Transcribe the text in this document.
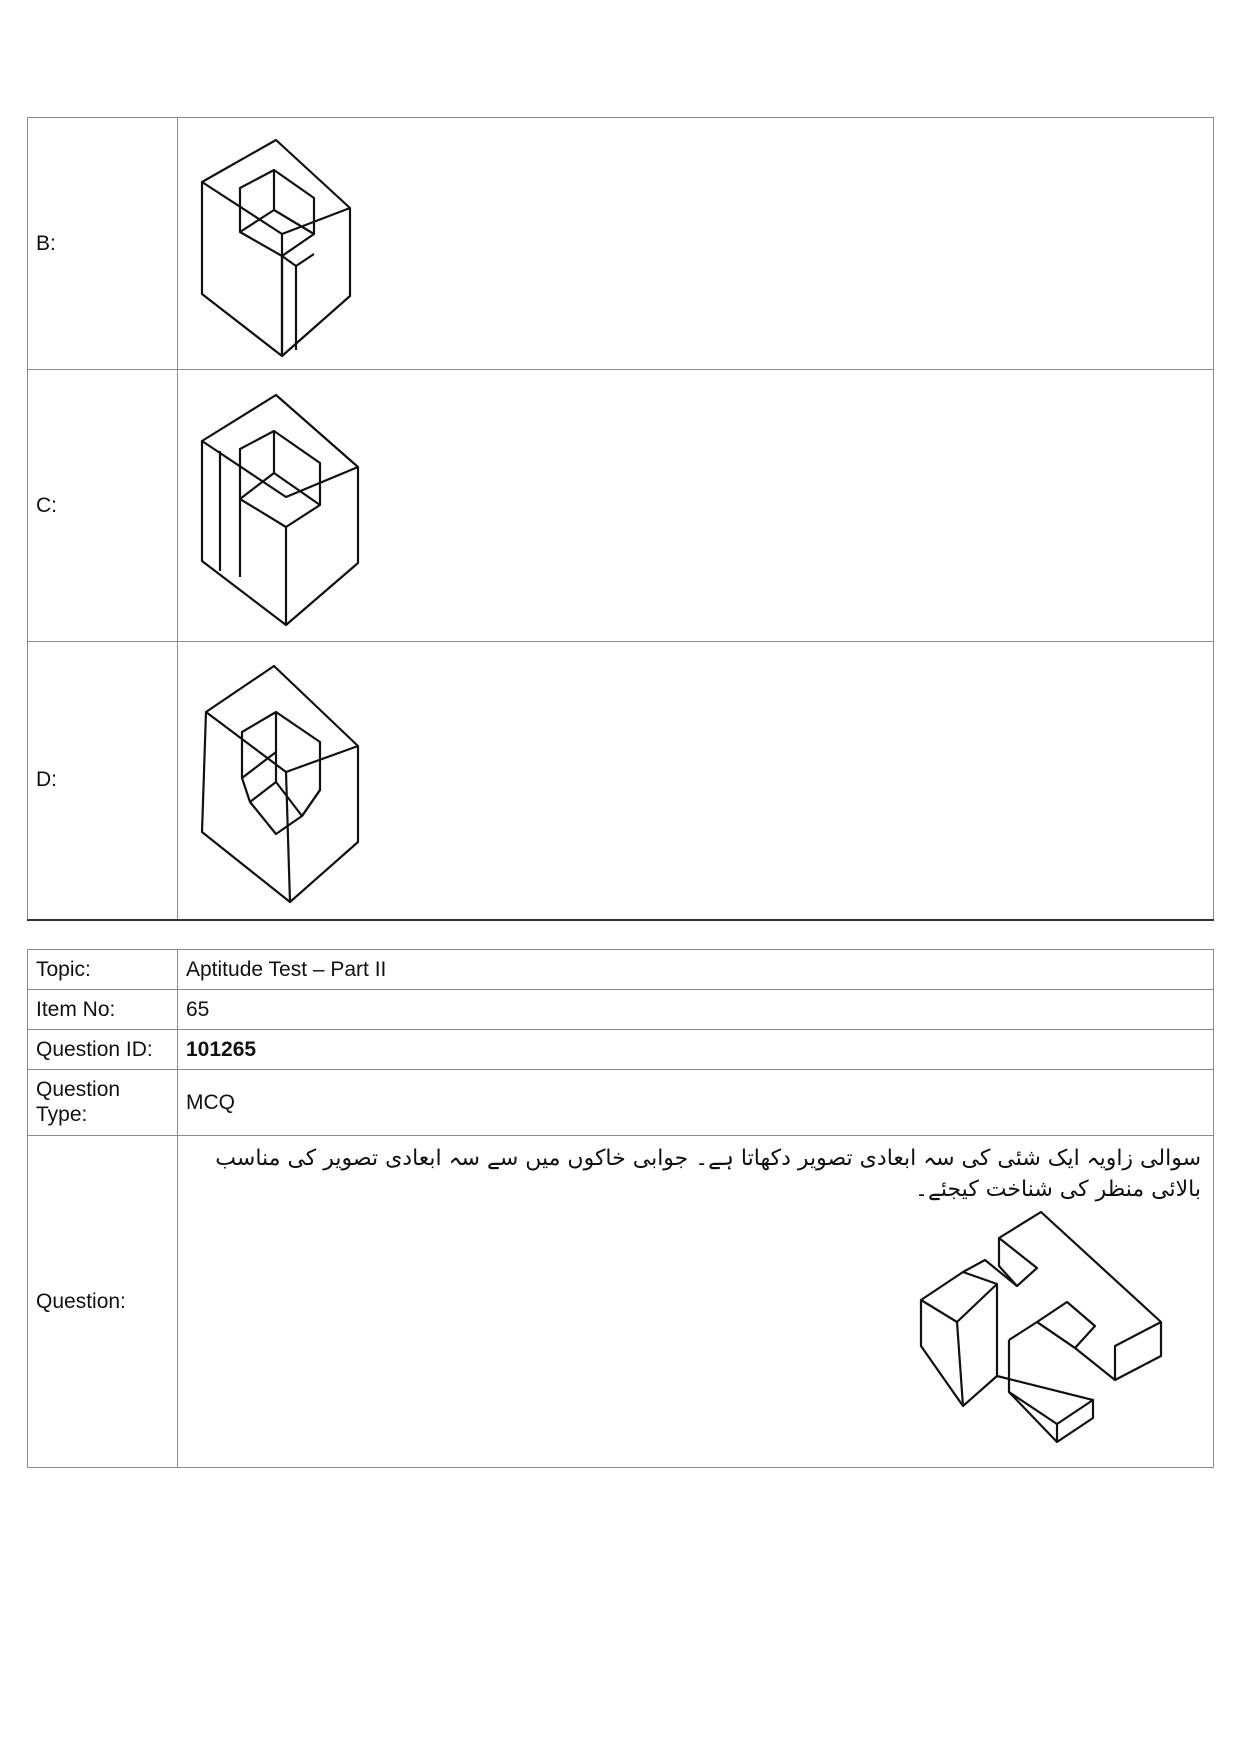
B:	

C:	

D:	
Topic:	Aptitude Test – Part II
Item No:	65
Question ID:	101265
Question
Type:	MCQ
Question:	سوالی زاویہ ایک شئی کی سہ ابعادی تصویر دکھاتا ہے۔ جوابی خاکوں میں سے سہ ابعادی تصویر کی مناسب بالائی منظر کی شناخت کیجئے۔
